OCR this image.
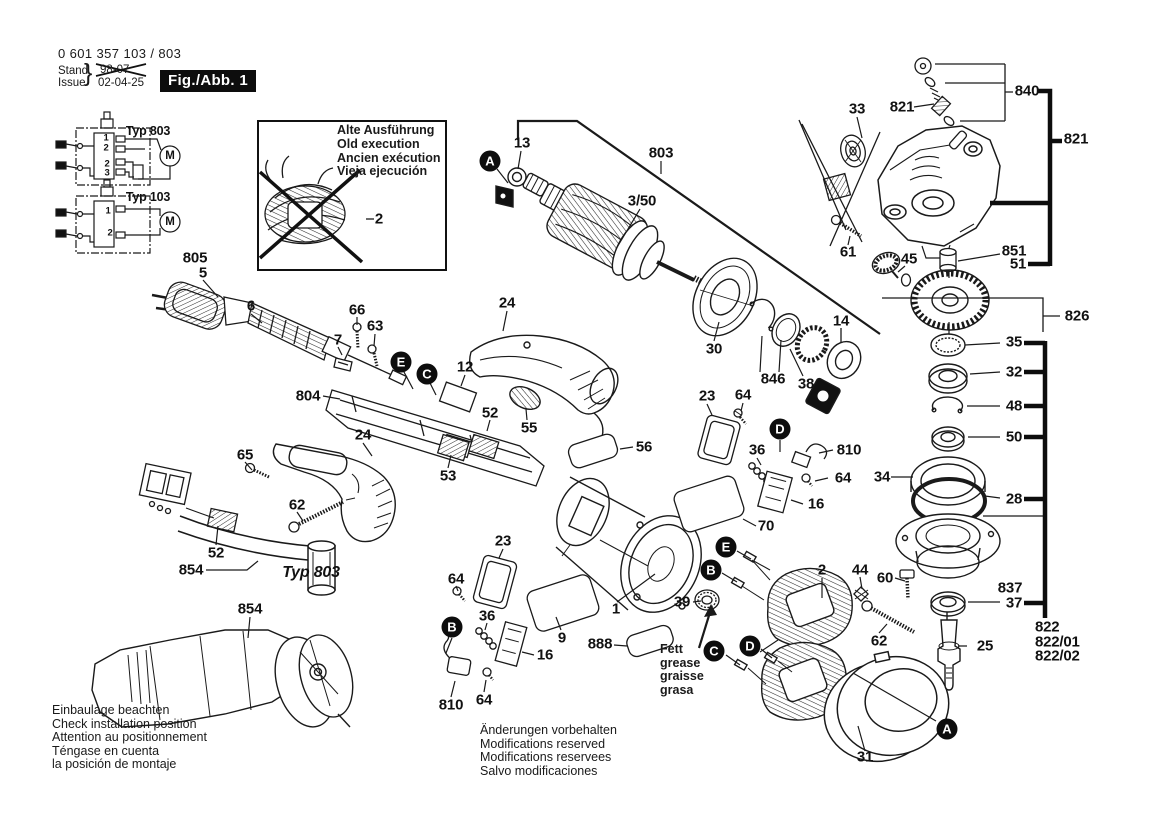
0 601 357 103 / 803
Stand
Issue
} 98-07
02-04-25	Fig./Abb. 1
Alte Ausführung
Old execution
Ancien exécution
Vieja ejecución
Fett
grease
graisse
grasa
Einbaulage beachten
Check installation position
Attention au positionnement
Téngase en cuenta
la posición de montaje
Änderungen vorbehalten
Modifications reserved
Modifications reservees
Salvo modificaciones
Typ 803
Typ 103
1
2
2
3
1
2
M
M
805
5
6	66
63
7
12
804
24
52
55
53
24
65
62
52
854	Typ 803
854
2
13
803
3/50
30
846 38
14
33 821
840
821
61	45	851
51
826
35
32
48
50
34
28
60
837
37
822
822/01
822/02
25
62
44
2
31
23 64
36	810
64
16
70
56
23
64
36
16
810 64
9
1
888
39
A
E
C
D
B
E
B
C	D
A
